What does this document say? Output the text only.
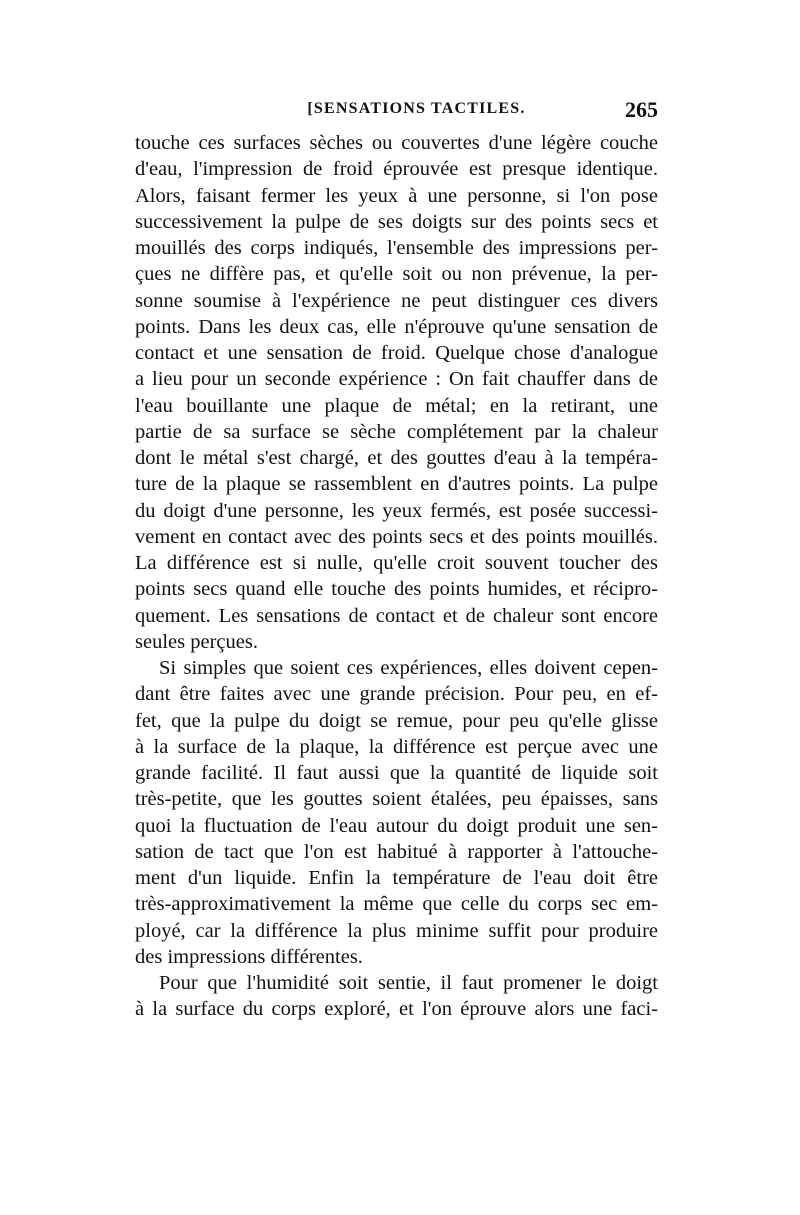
[SENSATIONS TACTILES.	265
touche ces surfaces sèches ou couvertes d'une légère couche
d'eau, l'impression de froid éprouvée est presque identique.
Alors, faisant fermer les yeux à une personne, si l'on pose
successivement la pulpe de ses doigts sur des points secs et
mouillés des corps indiqués, l'ensemble des impressions per-
çues ne diffère pas, et qu'elle soit ou non prévenue, la per-
sonne soumise à l'expérience ne peut distinguer ces divers
points. Dans les deux cas, elle n'éprouve qu'une sensation de
contact et une sensation de froid. Quelque chose d'analogue
a lieu pour un seconde expérience : On fait chauffer dans de
l'eau bouillante une plaque de métal; en la retirant, une
partie de sa surface se sèche complétement par la chaleur
dont le métal s'est chargé, et des gouttes d'eau à la tempéra-
ture de la plaque se rassemblent en d'autres points. La pulpe
du doigt d'une personne, les yeux fermés, est posée successi-
vement en contact avec des points secs et des points mouillés.
La différence est si nulle, qu'elle croit souvent toucher des
points secs quand elle touche des points humides, et récipro-
quement. Les sensations de contact et de chaleur sont encore
seules perçues.
Si simples que soient ces expériences, elles doivent cepen-
dant être faites avec une grande précision. Pour peu, en ef-
fet, que la pulpe du doigt se remue, pour peu qu'elle glisse
à la surface de la plaque, la différence est perçue avec une
grande facilité. Il faut aussi que la quantité de liquide soit
très-petite, que les gouttes soient étalées, peu épaisses, sans
quoi la fluctuation de l'eau autour du doigt produit une sen-
sation de tact que l'on est habitué à rapporter à l'attouche-
ment d'un liquide. Enfin la température de l'eau doit être
très-approximativement la même que celle du corps sec em-
ployé, car la différence la plus minime suffit pour produire
des impressions différentes.
Pour que l'humidité soit sentie, il faut promener le doigt
à la surface du corps exploré, et l'on éprouve alors une faci-
